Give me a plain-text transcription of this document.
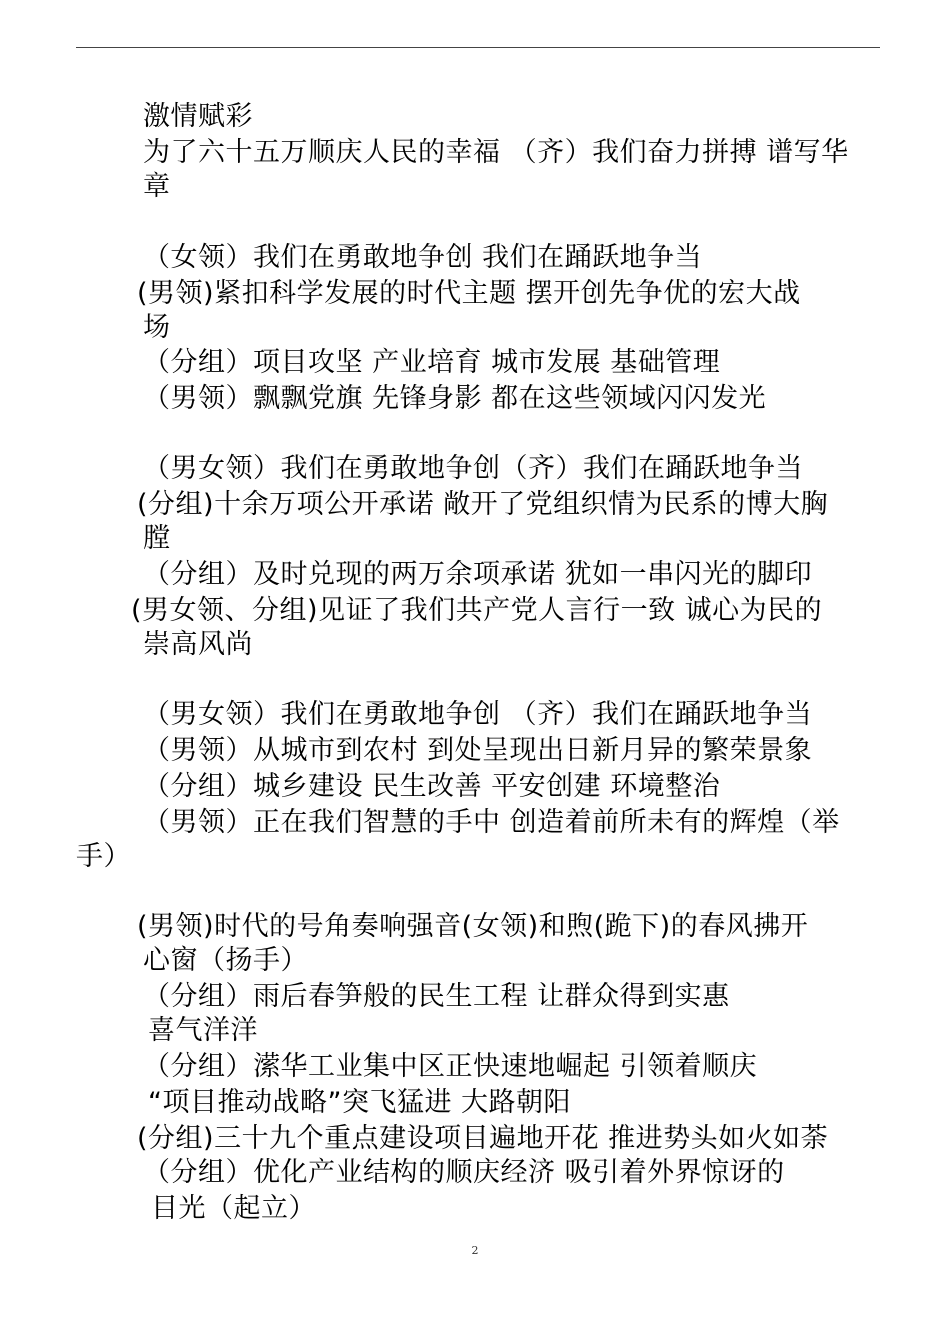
激情赋彩
为了六十五万顺庆人民的幸福 （齐）我们奋力拼搏 谱写华
章
（女领）我们在勇敢地争创 我们在踊跃地争当
(男领)紧扣科学发展的时代主题 摆开创先争优的宏大战
场
（分组）项目攻坚 产业培育 城市发展 基础管理
（男领）飘飘党旗 先锋身影 都在这些领域闪闪发光
（男女领）我们在勇敢地争创（齐）我们在踊跃地争当
(分组)十余万项公开承诺 敞开了党组织情为民系的博大胸
膛
（分组）及时兑现的两万余项承诺 犹如一串闪光的脚印
(男女领、分组)见证了我们共产党人言行一致 诚心为民的
崇高风尚
（男女领）我们在勇敢地争创 （齐）我们在踊跃地争当
（男领）从城市到农村 到处呈现出日新月异的繁荣景象
（分组）城乡建设 民生改善 平安创建 环境整治
（男领）正在我们智慧的手中 创造着前所未有的辉煌（举
手）
(男领)时代的号角奏响强音(女领)和煦(跪下)的春风拂开
心窗（扬手）
（分组）雨后春笋般的民生工程 让群众得到实惠
喜气洋洋
（分组）潆华工业集中区正快速地崛起 引领着顺庆
“项目推动战略”突飞猛进 大路朝阳
(分组)三十九个重点建设项目遍地开花 推进势头如火如荼
（分组）优化产业结构的顺庆经济 吸引着外界惊讶的
目光（起立）
2
